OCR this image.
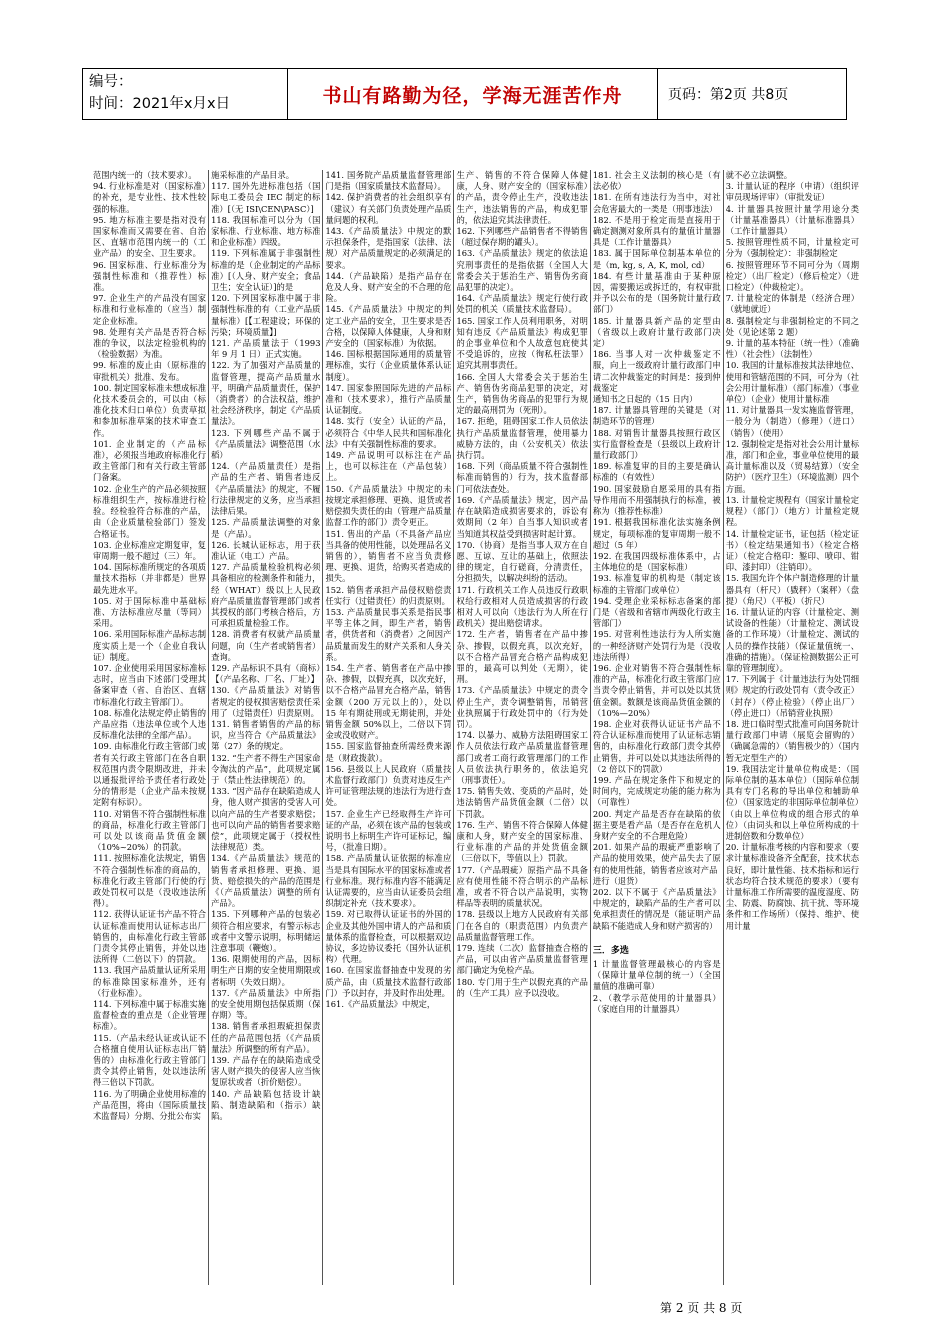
编号：
时间：2021年x月x日	书山有路勤为径，学海无涯苦作舟	页码：第2页 共8页

范围内统一的（技术要求）。

94. 行业标准是对（国家标准）的补充，是专业性、技术性较强的标准。

95. 地方标准主要是指对没有国家标准而又需要在省、自治区、直辖市范围内统一的（工业产品）的安全、卫生要求。

96. 国家标准、行业标准分为强制性标准和（推荐性）标准。

97. 企业生产的产品没有国家标准和行业标准的（应当）制定企业标准。

98. 处理有关产品是否符合标准的争议，以法定检验机构的（检验数据）为准。

99. 标准的废止由（原标准的审批机关）批准、发布。

100. 制定国家标准未想成标准化技术委员会的，可以由（标准化技术归口单位）负责草拟和参加标准草案的技术审查工作。

101. 企业制定的（产品标准），必须报当地政府标准化行政主管部门和有关行政主管部门备案。

102. 企业生产的产品必须按照标准组织生产，按标准进行检验。经检验符合标准的产品，由（企业质量检验部门）签发合格证书。

103. 企业标准应定期复审，复审周期一般不超过（三）年。

104. 国际标准所规定的各项质量技术指标（并非都是）世界最先进水平。

105. 对于国际标准中基础标准、方法标准应尽量（等同）采用。

106. 采用国际标准产品标志制度实质上是一个（企业自我认证）制度。

107. 企业使用采用国家标准标志时，应当由下述部门受理其备案审查（省、自治区、直辖市标准化行政主管部门）。

108. 标准化法规定停止销售的产品应指（违法单位或个人违反标准化法律的全部产品）。

109. 由标准化行政主管部门或者有关行政主管部门在各自职权范围内责令限期改进，并未以通报批评给予责任者行政处分的情形是（企业产品未按规定附有标识）。

110. 对销售不符合强制性标准的商品，标准化行政主管部门可以处以该商品货值金额（10%~20%）的罚款。

111. 按照标准化法规定，销售不符合强制性标准的商品的，标准化行政主管部门行使的行政处罚权可以是（没收违法所得）。

112. 获得认证证书产品不符合认证标准而使用认证标志出厂销售的，由标准化行政主管部门责令其停止销售，并处以违法所得（二倍以下）的罚款。

113. 我国产品质量认证所采用的标准除国家标准外，还有（行业标准）。

114. 下列标准中属于标准实施监督检查的重点是（企业管理标准）。

115.（产品未经认证或认证不合格擅自使用认证标志出厂销售的）由标准化行政主管部门责令其停止销售，处以违法所得三倍以下罚款。

116. 为了明确企业使用标准的产品范围，将由（国际质量技术监督局）分期、分批公布实

施采标准的产品目录。

117. 国外先进标准包括（国际电工委员会 IEC 制定的标准）[（无 ISI\CEN\PASC）]

118. 我国标准可以分为（国家标准、行业标准、地方标准和企业标准）四级。

119. 下列标准属于非强制性标准的是（企业制定的产品标准）[（人身、财产安全；食品卫生；安全认证）]的是

120. 下列国家标准中属于非强制性标准的有（工业产品质量标准）[【工程建设；环保的污染；环境质量】]

121. 产品质量法于（1993 年 9 月 1 日）正式实施。

122. 为了加强对产品质量的监督管理，提高产品质量水平，明确产品质量责任，保护（消费者）的合法权益，维护社会经济秩序，制定《产品质量法》。

123. 下列哪些产品不属于《产品质量法》调整范围（水稻）

124.（产品质量责任）是指产品的生产者、销售者违反《产品质量法》的规定，不履行法律规定的义务，应当承担法律后果。

125. 产品质量法调整的对象是（产品）。

126. 长城认证标志，用于获准认证（电工）产品。

127. 产品质量检验机构必须具备相应的检测条件和能力，经（WHAT）级以上人民政府产品质量监督管理部门或者其授权的部门考核合格后，方可承担质量检验工作。

128. 消费者有权就产品质量问题，向（生产者或销售者）查询。

129. 产品标识不具有（商标）【（产品名称、厂名、厂址）】

130.《产品质量法》对销售者规定的侵权损害赔偿责任采用了（过错责任）归责原则。

131. 销售者销售的产品的标识，应当符合《产品质量法》第（27）条的规定。

132. “生产者不得生产国家命令淘汰的产品”，此项规定属于（禁止性法律规范）的。

133. “因产品存在缺陷造成人身，他人财产损害的受害人可以向产品的生产者要求赔偿；也可以向产品的销售者要求赔偿”，此项规定属于（授权性法律规范）类。

134.《产品质量法》规范的销售者承担修理、更换、退货、赔偿损失的产品的范围是《（产品质量法）调整的所有产品》。

135. 下列哪种产品的包装必须符合相应要求，有警示标志或者中文警示说明，标明储运注意事项（鞭炮）。

136. 限期使用的产品，因标明生产日期的安全使用期限或者标明（失效日期）。

137.《产品质量法》中所指的安全使用期包括保质期（保存期）等。

138. 销售者承担瑕疵担保责任的产品范围包括（《产品质量法》所调整的所有产品）。

139. 产品存在的缺陷造成受害人财产损失的侵害人应当恢复原状或者（折价赔偿）。

140. 产品缺陷包括设计缺陷、制造缺陷和（指示）缺陷。

141. 国务院产品质量监督管理部门是指（国家质量技术监督局）。

142. 保护消费者的社会组织享有（建议）有关部门负责处理产品质量问题的权利。

143.《产品质量法》中规定的默示担保条件，是指国家（法律、法规）对产品质量规定的必须满足的要求。

144.（产品缺陷）是指产品存在危及人身、财产安全的不合理的危险。

145.《产品质量法》中规定的判定工业产品的安全，卫生要求是否合格，以保障人体健康，人身和财产安全的（国家标准）为依据。

146. 国标根据国际通用的质量管理标准，实行（企业质量体系认证制度）。

147. 国家参照国际先进的产品标准和（技术要求），推行产品质量认证制度。

148. 实行（安全）认证的产品，必须符合《中华人民共和国标准化法》中有关强制性标准的要求。

149. 产品说明可以标注在产品上，也可以标注在（产品包装）上。

150.《产品质量法》中规定的未按规定承担修理、更换、退货或者赔偿损失责任的由（管理产品质量监督工作的部门）责令更正。

151. 售出的产品（不具备产品应当具备的使用性能，以处理品名义销售的），销售者不应当负责修理、更换、退货，给购买者造成的损失。

152. 销售者承担产品侵权赔偿责任实行（过错责任）的归责原则。

153. 产品质量民事关系是指民事平等主体之间，即生产者，销售者，供货者和（消费者）之间因产品质量而发生的财产关系和人身关系。

154. 生产者、销售者在产品中掺杂、掺假，以假充真，以次充好，以不合格产品冒充合格产品，销售金额（200 万元以上的），处以 15 年有期徒刑或无期徒刑，并处销售金额 50%以上，二倍以下罚金或没收财产。

155. 国家监督抽查所需经费来源是（财政拨款）。

156. 县级以上人民政府（质量技术监督行政部门）负责对违反生产许可证管理法规的违法行为进行查处。

157. 企业生产已经取得生产许可证的产品，必须在该产品的包装或说明书上标明生产许可证标记，编号，（批准日期）。

158. 产品质量认证依据的标准应当是具有国际水平的国家标准或者行业标准。现行标准内容不能满足认证需要的，应当由认证委员会组织制定补充（技术要求）。

159. 对已取得认证证书的外国的企业及其他外国申请人的产品和质量体系的监督检查，可以根据双边协议，多边协议委托（国外认证机构）代理。

160. 在国家监督抽查中发现的劣质产品，由（质量技术监督行政部门）予以封存，并及时作出处理。

161.《产品质量法》中规定，

生产、销售的不符合保障人体健康，人身、财产安全的（国家标准）的产品，责令停止生产，没收违法生产，违法销售的产品，构成犯罪的，依法追究其法律责任。

162. 下列哪些产品销售者不得销售（超过保存期的罐头）。

163.《产品质量法》规定的依法追究刑事责任的是指依据（全国人大常委会关于惩治生产、销售伪劣商品犯罪的决定）。

164.《产品质量法》规定行使行政处罚的机关（质量技术监督局）。

165. 国家工作人员利用职务，对明知有违反《产品质量法》构成犯罪的企事业单位和个人故意包庇使其不受追诉的，应按（徇私枉法罪）追究其刑事责任。

166. 全国人大常委会关于惩治生产、销售伪劣商品犯罪的决定，对生产，销售伪劣商品的犯罪行为规定的最高刑罚为（死刑）。

167. 拒绝，阻碍国家工作人员依法执行产品质量监督管理，使用暴力威胁方法的，由（公安机关）依法执行罚。

168. 下列（商品质量不符合强制性标准而销售的）行为，技术监督部门可依法查处。

169.《产品质量法》规定，因产品存在缺陷造成损害要求的，诉讼有效期间（2 年）自当事人知识或者当知道其权益受到损害时起计算。

170.（协商）是指当事人双方在自愿、互谅、互让的基础上，依照法律的规定，自行磋商，分清责任，分担损失，以解决纠纷的活动。

171. 行政机关工作人员违反行政职权给行政相对人员造成损害的行政相对人可以向（违法行为人所在行政机关）提出赔偿请求。

172. 生产者，销售者在产品中掺杂、掺假，以假充真，以次充好，以不合格产品冒充合格产品构成犯罪的，最高可以判处（无期），徒刑。

173.《产品质量法》中规定的责令停止生产，责令调整销售，吊销营业执照属于行政处罚中的（行为处罚）。

174. 以暴力、威胁方法阻碍国家工作人员依法行政产品质量监督管理部门或者工商行政管理部门的工作人员依法执行职务的，依法追究（刑事责任）。

175. 销售失效、变质的产品时，处违法销售产品货值金额（二倍）以下罚款。

176. 生产、销售不符合保障人体健康和人身，财产安全的国家标准、行业标准的产品的并处货值金额（三倍以下，等值以上）罚款。

177.（产品瑕疵）原指产品不具备应有使用性能不符合明示的产品标准，或者不符合以产品说明，实物样品等表明的质量状况。

178. 县级以上地方人民政府有关部门在各自的（职责范围）内负责产品质量监督管理工作。

179. 连续（二次）监督抽查合格的产品，可以由省产品质量监督管理部门确定为免检产品。

180. 专门用于生产以假充真的产品的（生产工具）应予以没收。

181. 社会主义法制的核心是（有法必依）

181. 在所有违法行为当中，对社会危害最大的一类是（刑事违法）

182. 不是用于检定而是直接用于确定测测对象所具有的量值计量器具是（工作计量器具）

183. 属于国际单位制基本单位的是（m, kg, s, A, K, mol, cd）

184. 有些计量基准由于某种原因，需要搬运或拆迁的，有权审批并予以公布的是（国务院计量行政部门）

185. 计量器具新产品的定型由（省级以上政府计量行政部门决定）

186. 当事人对一次仲裁鉴定不服，向上一级政府计量行政部门申请二次仲裁鉴定的时间是：接到仲裁鉴定

通知书之日起的（15 日内）

187. 计量器具管理的关键是（对制造环节的管理）

188. 对销售计量器具按照行政区实行监督检查是（县级以上政府计量行政部门）

189. 标准复审的目的主要是确认标准的（有效性）

190. 国家鼓励自愿采用的具有指导作用而不用强制执行的标准，被称为（推荐性标准）

191. 根据我国标准化法实施条例规定，每项标准的复审周期一般不超过（5 年）

192. 在我国四级标准体系中，占主体地位的是（国家标准）

193. 标准复审的机构是（制定该标准的主管部门或单位）

194. 受理企业采标标志备案的部门是（省级和省辖市两级化行政主管部门）

195. 对营利性违法行为人所实施的一种经济财产处罚行为是（没收违法所得）

196. 企业对销售不符合强制性标准的产品，标准化行政主管部门应当责令停止销售，并可以处以其货值金额。数额是该商品货值金额的（10%—20%）

198. 企业对获得认证证书产品不符合认证标准而使用了认证标志销售的，由标准化行政部门责令其停止销售，并可以处以其违法所得的（2 倍以下的罚款）

199. 产品在规定条件下和规定的时间内，完成规定功能的能力称为（可靠性）

200. 判定产品是否存在缺陷的依据主要是看产品（是否存在危机人身财产安全的不合理危险）

201. 如果产品的瑕疵严重影响了产品的使用效果，使产品失去了原有的使用性能，销售者应该对产品

进行（退货）

202. 以下不属于《产品质量法》中规定的，缺陷产品的生产者可以免承担责任的情况是（能证明产品缺陷不能造成人身和财产损害的）

三．多选

1 计量监督管理最核心的内容是（保障计量单位制的统一）（全国量值的准确可靠）

2、（教学示范使用的计量器具）（家庭自用的计量器具）

就不必立法调整。

3. 计量认证的程序（申请）（组织评审员现场评审）（审批发证）

4. 计量器具按照计量学用途分类（计量基准器具）（计量标准器具）（工作计量器具）

5. 按照管理性质不同，计量检定可分为（强制检定）：非强制检定

6. 按照管理环节不同可分为（周期检定）（出厂检定）（修后检定）（进口检定）（仲裁检定）。

7. 计量检定的体制是（经济合理）（就地就近）

8. 强制检定与非强制检定的不同之处（见论述第 2 题）

9. 计量的基本特征（统一性）（准确性）（社会性）（法制性）

10. 我国的计量标准按其法律地位、使用和管辖范围的不同，可分为（社会公用计量标准）（部门标准）（事业单位）（企业）使用计量标准

11. 对计量器具一发实施监督管理，一般分为（制造）（修理）（进口）（销售）（使用）

12. 强制检定是指对社会公用计量标准，部门和企业，事业单位使用的最高计量标准以及（贸易结算）（安全防护）（医疗卫生）（环境监测）四个方面。

13. 计量检定规程有（国家计量检定规程）（部门）（地方）计量检定规程。

14. 计量检定证书，证包括（检定证书）（检定结果通知书）（检定合格证）（检定合格印：錾印、喷印、钳印、漆封印）（注销印）。

15. 我国允许个体户制造修理的计量器具有（杆尺）（戥秤）（案秤）（盘提）（角尺）（平板）（折尺）

16. 计量认证的内容（计量检定、测试设备的性能）（计量检定、测试设备的工作环境）（计量检定、测试的人员的操作技能）（保证量值统一、准确的措施）。（保证检测数据公正可靠的管理制度）。

17. 下列属于《计量违法行为处罚细则》规定的行政处罚有（责令改正）（封存）（停止检验）（停止出厂）（停止进口）（吊销营业执照）

18. 进口临时型式批准可向国务院计量行政部门申请（展览会留购的）（确属急需的）（销售极少的）（国内暂无定型生产的）

19. 我国法定计量单位构成是：（国际单位制的基本单位）（国际单位制具有专门名称的导出单位和辅助单位）（国家选定的非国际单位制单位）（由以上单位构成的组合形式的单位）（由词头和以上单位所构成的十进制倍数和分数单位）

20. 计量标准考核的内容和要求（要求计量标准设备齐全配套，技术状态良好，即计量性能、技术指标和运行状态均符合技术规范的要求）（要有计量标准工作所需要的温度湿度、防尘、防震、防腐蚀、抗干扰、等环境条件和工作场所）（保持、维护、使用计量

第 2 页 共 8 页
